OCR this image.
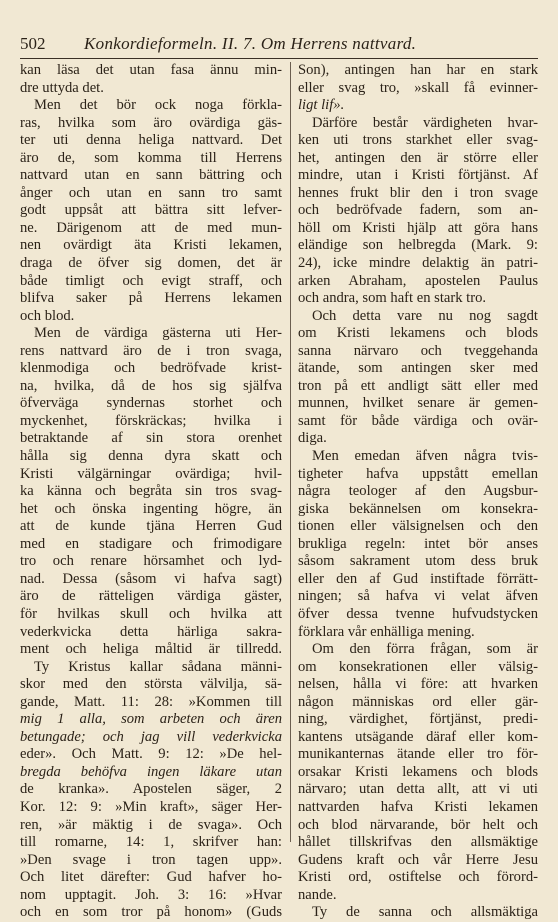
502 Konkordieformeln. II. 7. Om Herrens nattvard.
kan läsa det utan fasa ännu min-
dre uttyda det.
Men det bör ock noga förkla-
ras, hvilka som äro ovärdiga gäs-
ter uti denna heliga nattvard. Det
äro de, som komma till Herrens
nattvard utan en sann bättring och
ånger och utan en sann tro samt
godt uppsåt att bättra sitt lefver-
ne. Därigenom att de med mun-
nen ovärdigt äta Kristi lekamen,
draga de öfver sig domen, det är
både timligt och evigt straff, och
blifva saker på Herrens lekamen
och blod.
Men de värdiga gästerna uti Her-
rens nattvard äro de i tron svaga,
klenmodiga och bedröfvade krist-
na, hvilka, då de hos sig själfva
öfverväga syndernas storhet och
myckenhet, förskräckas; hvilka i
betraktande af sin stora orenhet
hålla sig denna dyra skatt och
Kristi välgärningar ovärdiga; hvil-
ka känna och begråta sin tros svag-
het och önska ingenting högre, än
att de kunde tjäna Herren Gud
med en stadigare och frimodigare
tro och renare hörsamhet och lyd-
nad. Dessa (såsom vi hafva sagt)
äro de rätteligen värdiga gäster,
för hvilkas skull och hvilka att
vederkvicka detta härliga sakra-
ment och heliga måltid är tillredd.
Ty Kristus kallar sådana männi-
skor med den största välvilja, sä-
gande, Matt. 11: 28: »Kommen till
mig 1 alla, som arbeten och ären
betungade; och jag vill vederkvicka
eder». Och Matt. 9: 12: »De hel-
bregda behöfva ingen läkare utan
de kranka». Apostelen säger, 2
Kor. 12: 9: »Min kraft», säger Her-
ren, »är mäktig i de svaga». Och
till romarne, 14: 1, skrifver han:
»Den svage i tron tagen upp».
Och litet därefter: Gud hafver ho-
nom upptagit. Joh. 3: 16: »Hvar
och en som tror på honom» (Guds
Son), antingen han har en stark
eller svag tro, »skall få evinner-
ligt lif».
Därföre består värdigheten hvar-
ken uti trons starkhet eller svag-
het, antingen den är större eller
mindre, utan i Kristi förtjänst. Af
hennes frukt blir den i tron svage
och bedröfvade fadern, som an-
höll om Kristi hjälp att göra hans
eländige son helbregda (Mark. 9:
24), icke mindre delaktig än patri-
arken Abraham, apostelen Paulus
och andra, som haft en stark tro.
Och detta vare nu nog sagdt
om Kristi lekamens och blods
sanna närvaro och tveggehanda
ätande, som antingen sker med
tron på ett andligt sätt eller med
munnen, hvilket senare är gemen-
samt för både värdiga och ovär-
diga.
Men emedan äfven några tvis-
tigheter hafva uppstått emellan
några teologer af den Augsbur-
giska bekännelsen om konsekra-
tionen eller välsignelsen och den
brukliga regeln: intet bör anses
såsom sakrament utom dess bruk
eller den af Gud instiftade förrätt-
ningen; så hafva vi velat äfven
öfver dessa tvenne hufvudstycken
förklara vår enhälliga mening.
Om den förra frågan, som är
om konsekrationen eller välsig-
nelsen, hålla vi före: att hvarken
någon människas ord eller gär-
ning, värdighet, förtjänst, predi-
kantens utsägande däraf eller kom-
munikanternas ätande eller tro för-
orsakar Kristi lekamens och blods
närvaro; utan detta allt, att vi uti
nattvarden hafva Kristi lekamen
och blod närvarande, bör helt och
hållet tillskrifvas den allsmäktige
Gudens kraft och vår Herre Jesu
Kristi ord, ostiftelse och förord-
nande.
Ty de sanna och allsmäktiga
